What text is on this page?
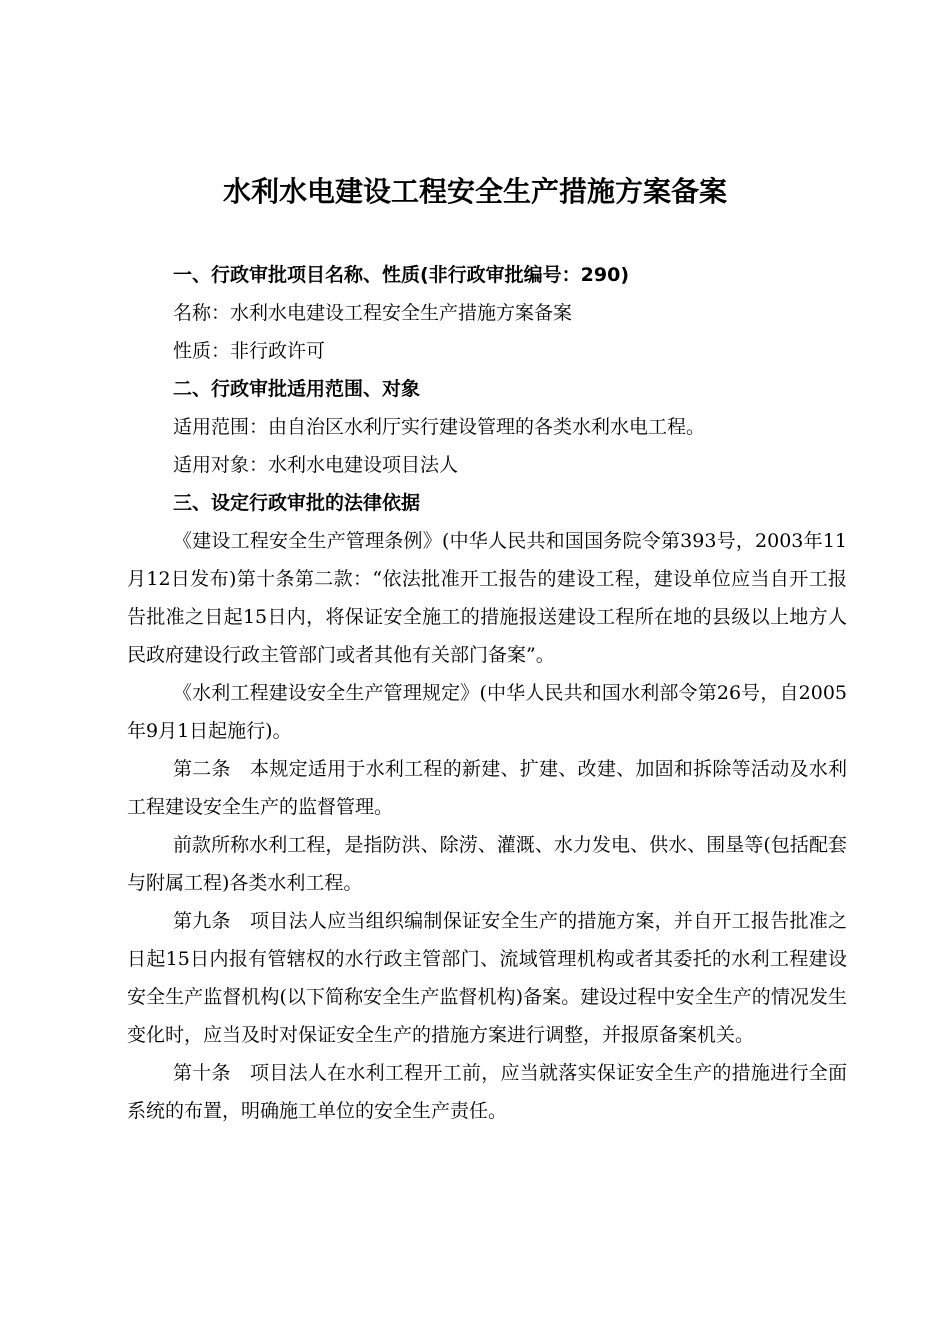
水利水电建设工程安全生产措施方案备案

一、行政审批项目名称、性质(非行政审批编号：290)

名称：水利水电建设工程安全生产措施方案备案

性质：非行政许可

二、行政审批适用范围、对象

适用范围：由自治区水利厅实行建设管理的各类水利水电工程。

适用对象：水利水电建设项目法人

三、设定行政审批的法律依据

《建设工程安全生产管理条例》(中华人民共和国国务院令第393号，2003年11月12日发布)第十条第二款：“依法批准开工报告的建设工程，建设单位应当自开工报告批准之日起15日内，将保证安全施工的措施报送建设工程所在地的县级以上地方人民政府建设行政主管部门或者其他有关部门备案”。

《水利工程建设安全生产管理规定》(中华人民共和国水利部令第26号，自2005年9月1日起施行)。

第二条　本规定适用于水利工程的新建、扩建、改建、加固和拆除等活动及水利工程建设安全生产的监督管理。

前款所称水利工程，是指防洪、除涝、灌溉、水力发电、供水、围垦等(包括配套与附属工程)各类水利工程。

第九条　项目法人应当组织编制保证安全生产的措施方案，并自开工报告批准之日起15日内报有管辖权的水行政主管部门、流域管理机构或者其委托的水利工程建设安全生产监督机构(以下简称安全生产监督机构)备案。建设过程中安全生产的情况发生变化时，应当及时对保证安全生产的措施方案进行调整，并报原备案机关。

第十条　项目法人在水利工程开工前，应当就落实保证安全生产的措施进行全面系统的布置，明确施工单位的安全生产责任。
